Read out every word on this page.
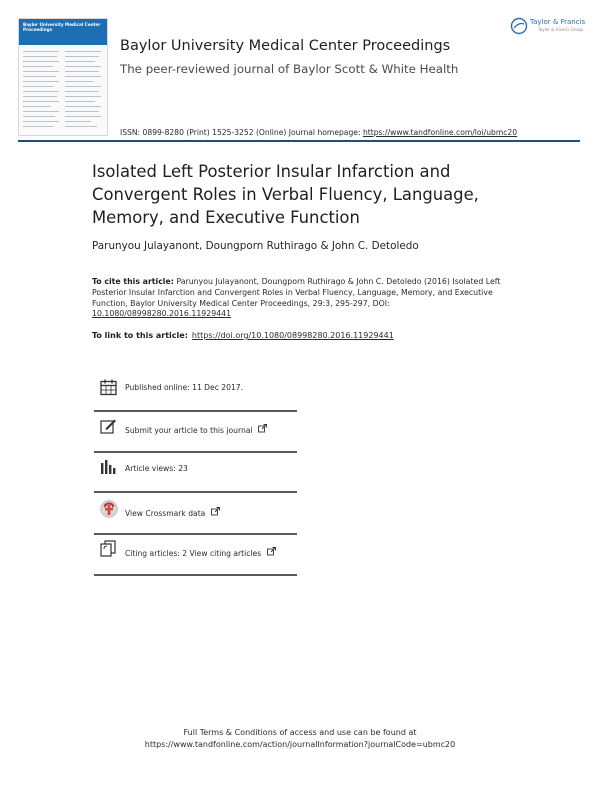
Baylor University Medical Center Proceedings
Baylor University Medical Center Proceedings
The peer-reviewed journal of Baylor Scott & White Health
ISSN: 0899-8280 (Print) 1525-3252 (Online) Journal homepage: https://www.tandfonline.com/loi/ubmc20
Taylor & Francis
Taylor & Francis Group
Isolated Left Posterior Insular Infarction and Convergent Roles in Verbal Fluency, Language, Memory, and Executive Function
Parunyou Julayanont, Doungporn Ruthirago & John C. Detoledo
To cite this article: Parunyou Julayanont, Doungporn Ruthirago & John C. Detoledo (2016) Isolated Left Posterior Insular Infarction and Convergent Roles in Verbal Fluency, Language, Memory, and Executive Function, Baylor University Medical Center Proceedings, 29:3, 295-297, DOI: 10.1080/08998280.2016.11929441
To link to this article: https://doi.org/10.1080/08998280.2016.11929441
Published online: 11 Dec 2017.
Submit your article to this journal
Article views: 23
View Crossmark data
Citing articles: 2 View citing articles
Full Terms & Conditions of access and use can be found at
https://www.tandfonline.com/action/journalInformation?journalCode=ubmc20
